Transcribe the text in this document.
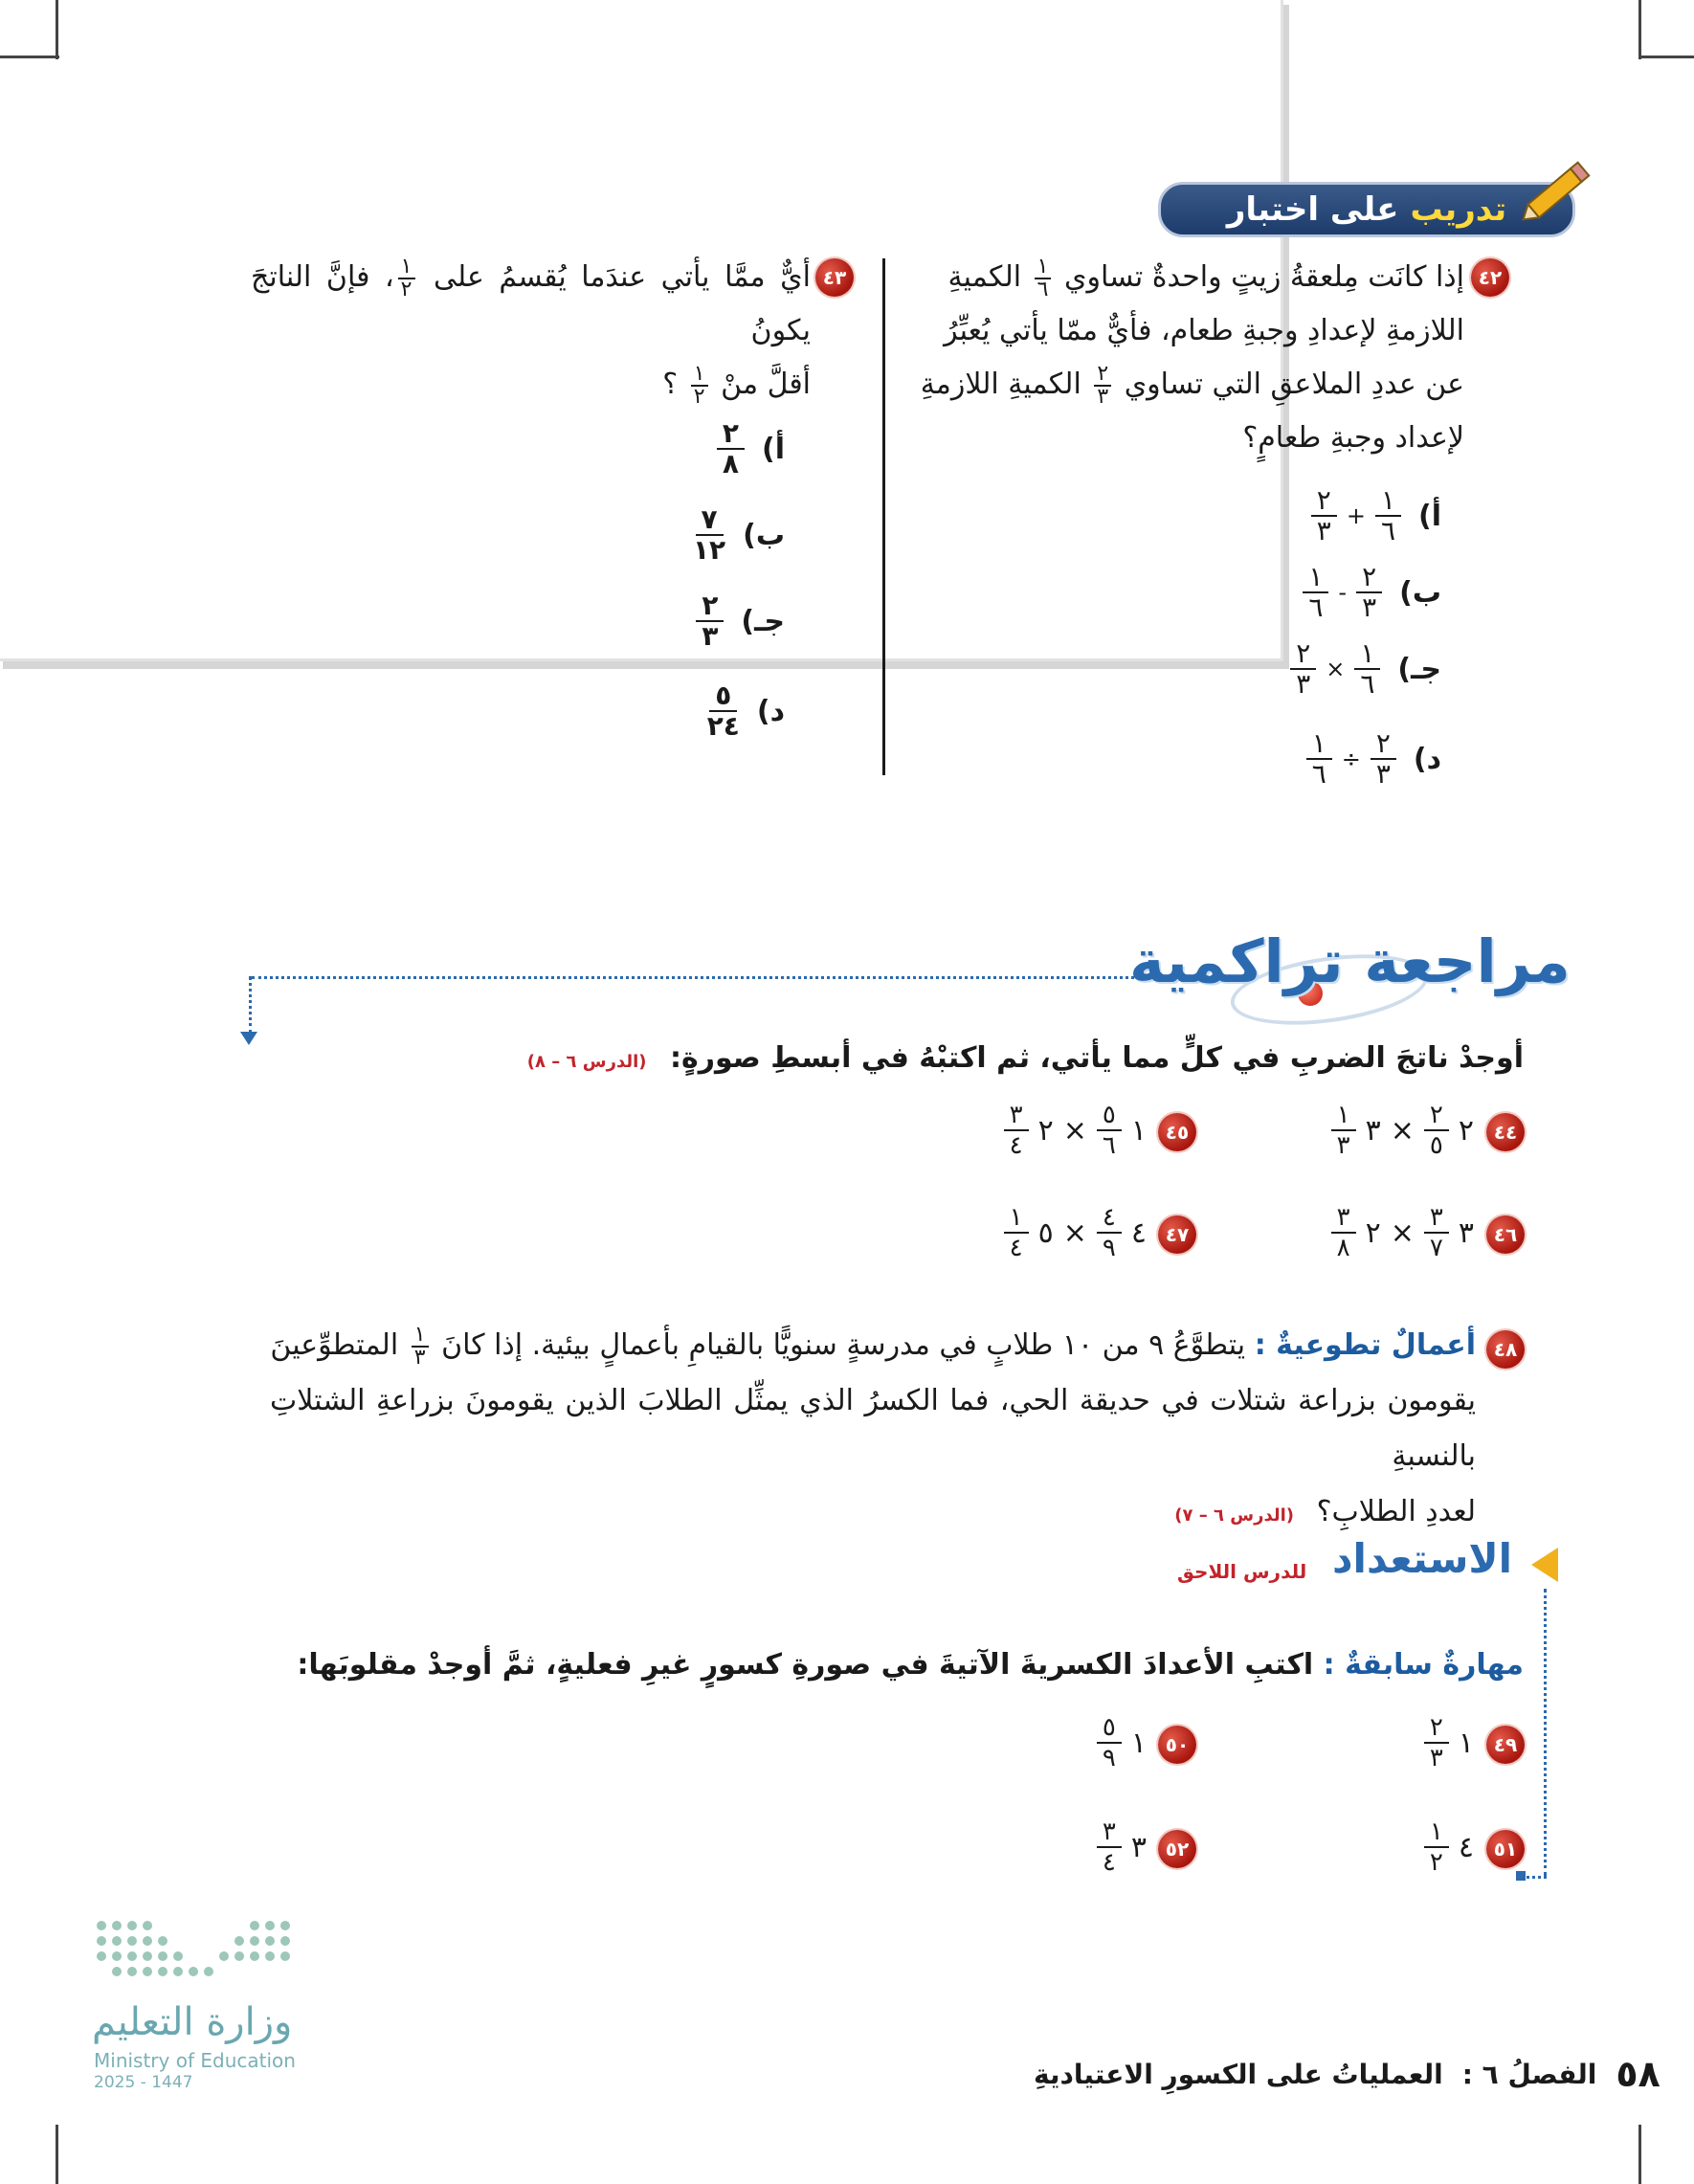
تدريب
على اختبار
٤٢
إذا كانَت مِلعقةُ زيتٍ واحدةٌ تساوي
١
٦
الكميةِ
اللازمةِ لإعدادِ وجبةِ طعام، فأيٌّ ممّا يأتي يُعبِّرُ
عن عددِ الملاعقِ التي تساوي
٢
٣
الكميةِ اللازمةِ
لإعداد وجبةِ طعامٍ؟
أ)
$\frac{١}{٦}$
+
$\frac{٢}{٣}$
ب)
$\frac{٢}{٣}$
-
$\frac{١}{٦}$
جـ)
$\frac{١}{٦}$
×
$\frac{٢}{٣}$
د)
$\frac{٢}{٣}$
÷
$\frac{١}{٦}$
٤٣
أيٌّ ممَّا يأتي عندَما يُقسمُ على
١
٢
، فإنَّ الناتجَ يكونُ
أقلَّ منْ
١
٢
؟
أ)
$\frac{٢}{٨}$
ب)
$\frac{٧}{١٢}$
جـ)
$\frac{٢}{٣}$
د)
$\frac{٥}{٢٤}$
مراجعة تراكمية
أوجدْ ناتجَ الضربِ في كلٍّ مما يأتي، ثم اكتبْهُ في أبسطِ صورةٍ: (الدرس ٦ – ٨)
٤٤
٢
$\frac{٢}{٥}$
×
٣
$\frac{١}{٣}$
٤٥
١
$\frac{٥}{٦}$
×
٢
$\frac{٣}{٤}$
٤٦
٣
$\frac{٣}{٧}$
×
٢
$\frac{٣}{٨}$
٤٧
٤
$\frac{٤}{٩}$
×
٥
$\frac{١}{٤}$
٤٨
أعمالٌ تطوعيةٌ : يتطوَّعُ ٩ من ١٠ طلابٍ في مدرسةٍ سنويًّا بالقيامِ بأعمالٍ بيئية. إذا كانَ
١
٣
المتطوِّعينَ
يقومون بزراعة شتلات في حديقة الحي، فما الكسرُ الذي يمثِّل الطلابَ الذين يقومونَ بزراعةِ الشتلاتِ بالنسبةِ
لعددِ الطلابِ؟ (الدرس ٦ – ٧)
الاستعداد
للدرس اللاحق
مهارةٌ سابقةٌ : اكتبِ الأعدادَ الكسريةَ الآتيةَ في صورةِ كسورٍ غيرِ فعليةٍ، ثمَّ أوجدْ مقلوبَها:
٤٩
١
$\frac{٢}{٣}$
٥٠
١
$\frac{٥}{٩}$
٥١
٤
$\frac{١}{٢}$
٥٢
٣
$\frac{٣}{٤}$
وزارة التعليم
Ministry of Education
2025 - 1447	٥٨
الفصلُ ٦ :
العملياتُ على الكسورِ الاعتياديةِ
